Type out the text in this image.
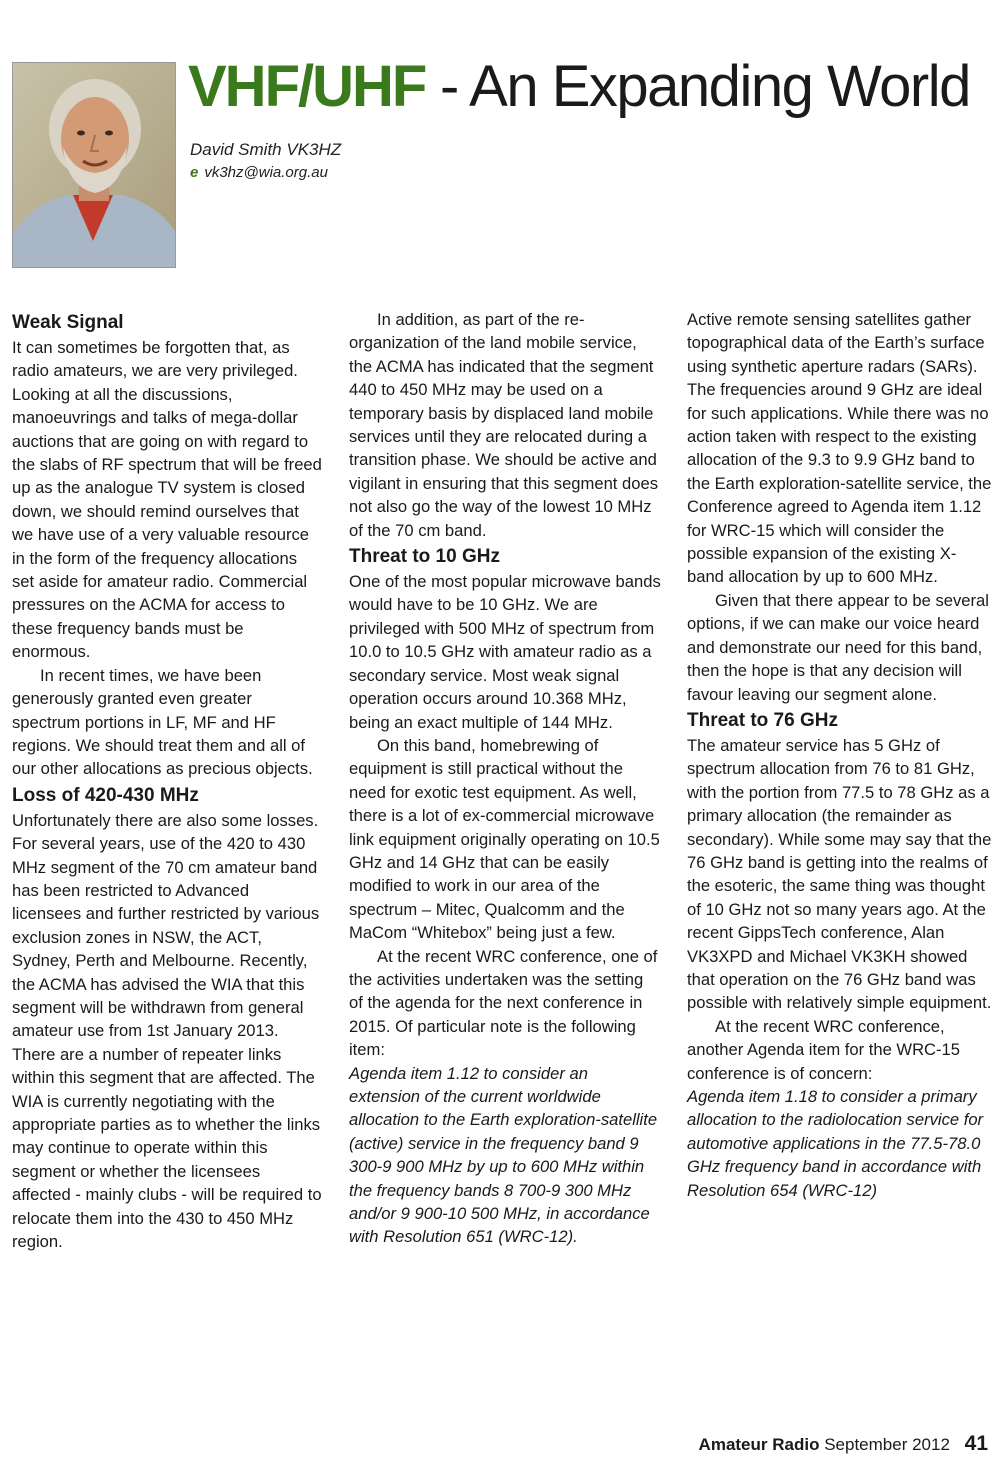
VHF/UHF - An Expanding World
David Smith VK3HZ
e vk3hz@wia.org.au
Weak Signal

It can sometimes be forgotten that, as radio amateurs, we are very privileged. Looking at all the discussions, manoeuvrings and talks of mega-dollar auctions that are going on with regard to the slabs of RF spectrum that will be freed up as the analogue TV system is closed down, we should remind ourselves that we have use of a very valuable resource in the form of the frequency allocations set aside for amateur radio. Commercial pressures on the ACMA for access to these frequency bands must be enormous.

In recent times, we have been generously granted even greater spectrum portions in LF, MF and HF regions. We should treat them and all of our other allocations as precious objects.

Loss of 420-430 MHz

Unfortunately there are also some losses. For several years, use of the 420 to 430 MHz segment of the 70 cm amateur band has been restricted to Advanced licensees and further restricted by various exclusion zones in NSW, the ACT, Sydney, Perth and Melbourne. Recently, the ACMA has advised the WIA that this segment will be withdrawn from general amateur use from 1st January 2013. There are a number of repeater links within this segment that are affected. The WIA is currently negotiating with the appropriate parties as to whether the links may continue to operate within this segment or whether the licensees affected - mainly clubs - will be required to relocate them into the 430 to 450 MHz region.

In addition, as part of the re-organization of the land mobile service, the ACMA has indicated that the segment 440 to 450 MHz may be used on a temporary basis by displaced land mobile services until they are relocated during a transition phase. We should be active and vigilant in ensuring that this segment does not also go the way of the lowest 10 MHz of the 70 cm band.

Threat to 10 GHz

One of the most popular microwave bands would have to be 10 GHz. We are privileged with 500 MHz of spectrum from 10.0 to 10.5 GHz with amateur radio as a secondary service. Most weak signal operation occurs around 10.368 MHz, being an exact multiple of 144 MHz.

On this band, homebrewing of equipment is still practical without the need for exotic test equipment. As well, there is a lot of ex-commercial microwave link equipment originally operating on 10.5 GHz and 14 GHz that can be easily modified to work in our area of the spectrum – Mitec, Qualcomm and the MaCom “Whitebox” being just a few.

At the recent WRC conference, one of the activities undertaken was the setting of the agenda for the next conference in 2015. Of particular note is the following item:

Agenda item 1.12 to consider an extension of the current worldwide allocation to the Earth exploration-satellite (active) service in the frequency band 9 300-9 900 MHz by up to 600 MHz within the frequency bands 8 700-9 300 MHz and/or 9 900-10 500 MHz, in accordance with Resolution 651 (WRC-12).

Active remote sensing satellites gather topographical data of the Earth’s surface using synthetic aperture radars (SARs). The frequencies around 9 GHz are ideal for such applications. While there was no action taken with respect to the existing allocation of the 9.3 to 9.9 GHz band to the Earth exploration-satellite service, the Conference agreed to Agenda item 1.12 for WRC-15 which will consider the possible expansion of the existing X-band allocation by up to 600 MHz.

Given that there appear to be several options, if we can make our voice heard and demonstrate our need for this band, then the hope is that any decision will favour leaving our segment alone.

Threat to 76 GHz

The amateur service has 5 GHz of spectrum allocation from 76 to 81 GHz, with the portion from 77.5 to 78 GHz as a primary allocation (the remainder as secondary). While some may say that the 76 GHz band is getting into the realms of the esoteric, the same thing was thought of 10 GHz not so many years ago. At the recent GippsTech conference, Alan VK3XPD and Michael VK3KH showed that operation on the 76 GHz band was possible with relatively simple equipment.

At the recent WRC conference, another Agenda item for the WRC-15 conference is of concern:

Agenda item 1.18 to consider a primary allocation to the radiolocation service for automotive applications in the 77.5-78.0 GHz frequency band in accordance with Resolution 654 (WRC-12)

Amateur Radio September 2012 41
